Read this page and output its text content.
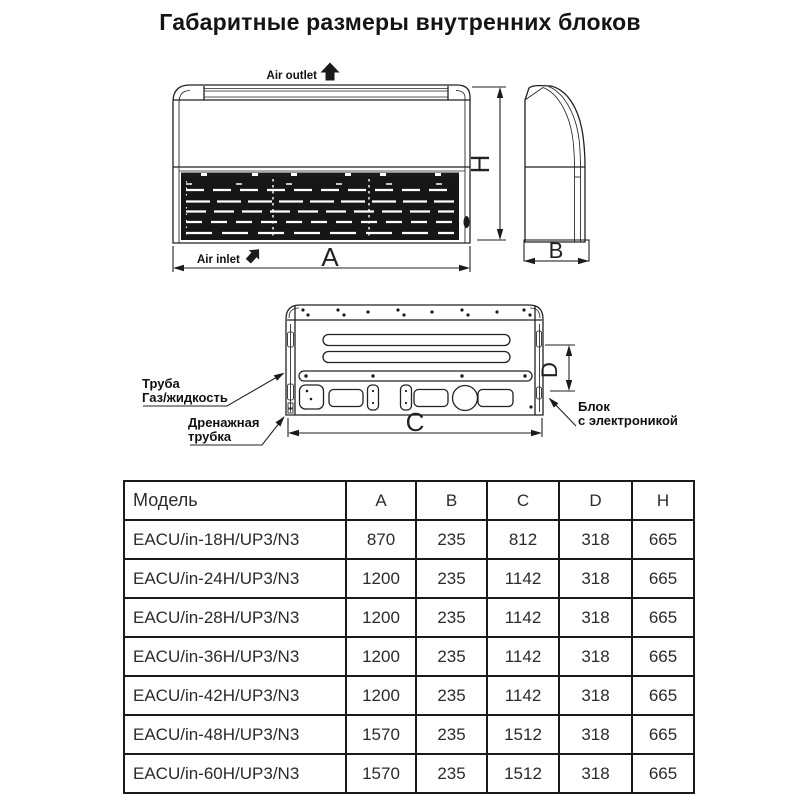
Габаритные размеры внутренних блоков
Air outlet
Air inlet	A
H
B
C
D
Труба
Газ/жидкость
Дренажная
трубка
Блок
с электроникой
Модель	A	B	C	D	H
EACU/in-18H/UP3/N3	870	235	812	318	665
EACU/in-24H/UP3/N3	1200	235	1142	318	665
EACU/in-28H/UP3/N3	1200	235	1142	318	665
EACU/in-36H/UP3/N3	1200	235	1142	318	665
EACU/in-42H/UP3/N3	1200	235	1142	318	665
EACU/in-48H/UP3/N3	1570	235	1512	318	665
EACU/in-60H/UP3/N3	1570	235	1512	318	665
